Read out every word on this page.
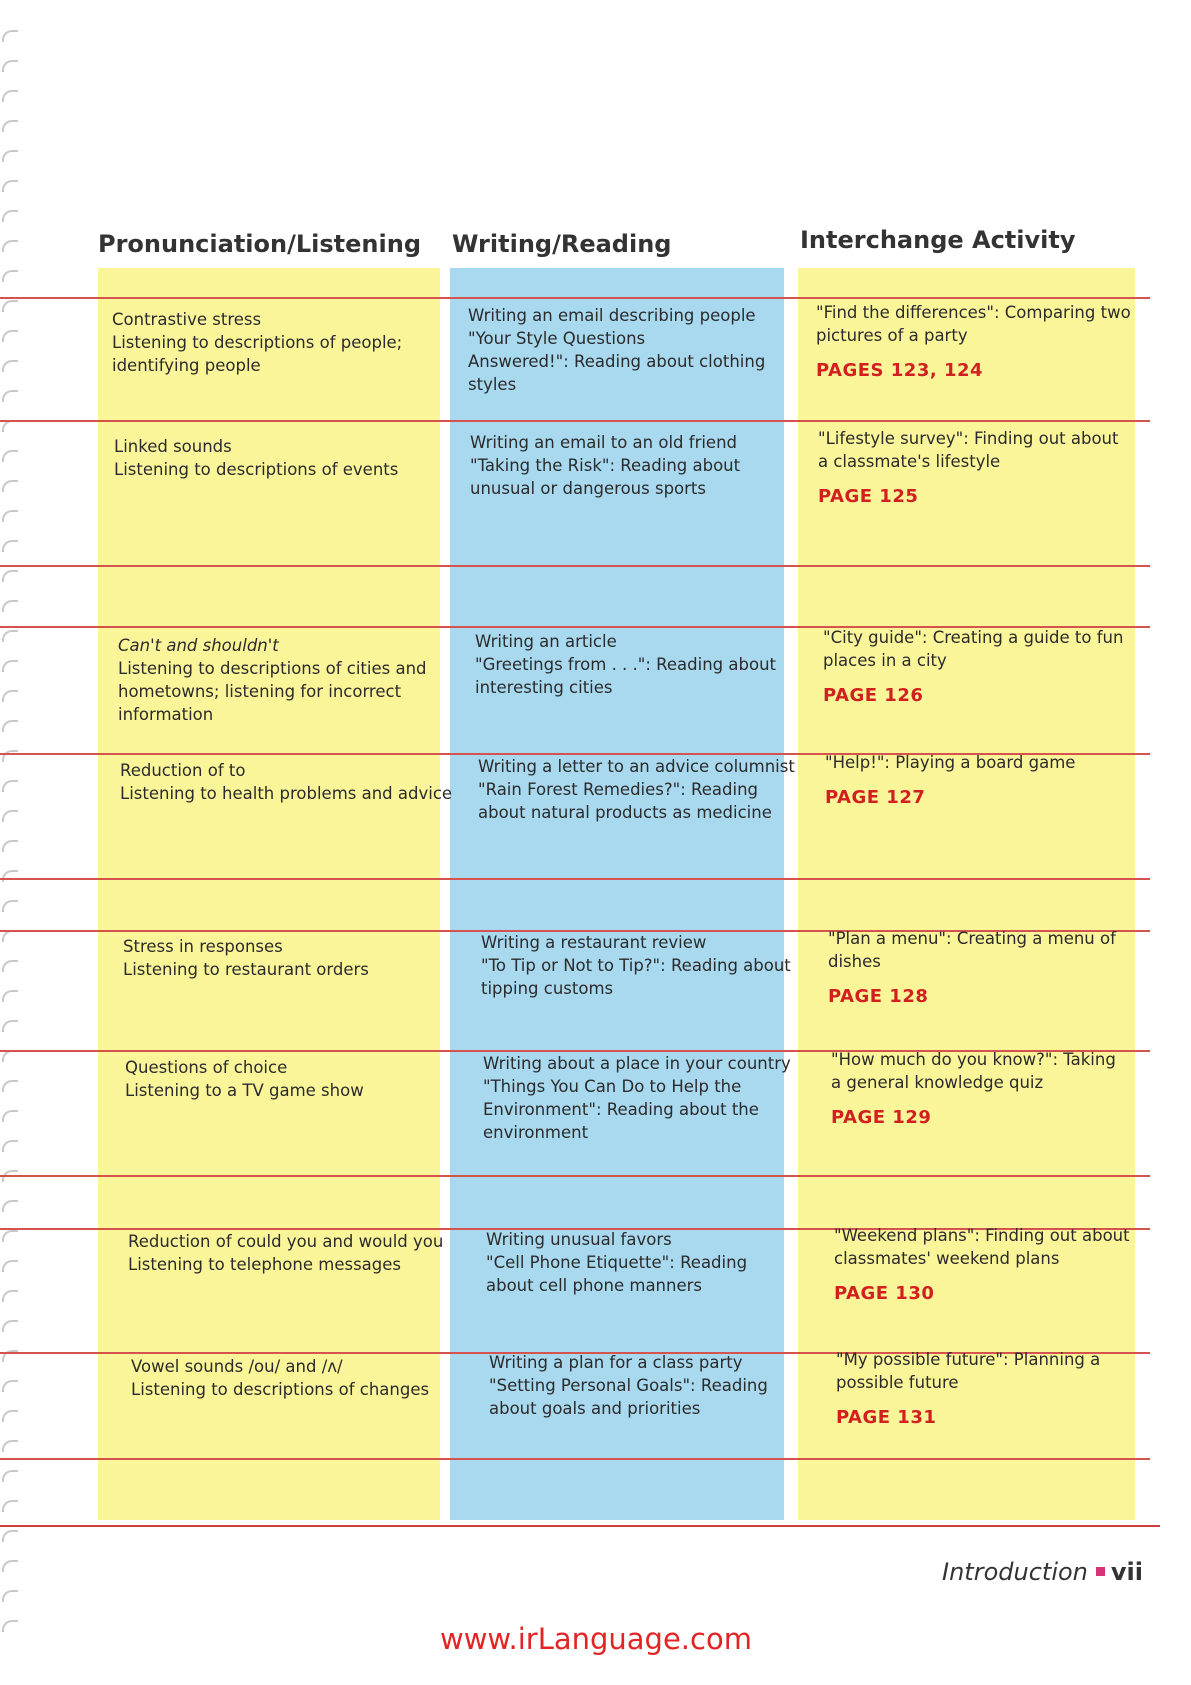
Pronunciation/Listening Writing/Reading	Interchange Activity
Contrastive stress
Listening to descriptions of people;
identifying people
Writing an email describing people
"Your Style Questions
Answered!": Reading about clothing
styles
"Find the differences": Comparing two
pictures of a party
PAGES 123, 124
Linked sounds
Listening to descriptions of events
Writing an email to an old friend
"Taking the Risk": Reading about
unusual or dangerous sports
"Lifestyle survey": Finding out about
a classmate's lifestyle
PAGE 125
Can't and shouldn't
Listening to descriptions of cities and
hometowns; listening for incorrect
information
Writing an article
"Greetings from . . .": Reading about
interesting cities
"City guide": Creating a guide to fun
places in a city
PAGE 126
Reduction of to
Listening to health problems and advice
Writing a letter to an advice columnist
"Rain Forest Remedies?": Reading
about natural products as medicine
"Help!": Playing a board game
PAGE 127
Stress in responses
Listening to restaurant orders
Writing a restaurant review
"To Tip or Not to Tip?": Reading about
tipping customs
"Plan a menu": Creating a menu of
dishes
PAGE 128
Questions of choice
Listening to a TV game show
Writing about a place in your country
"Things You Can Do to Help the
Environment": Reading about the
environment
"How much do you know?": Taking
a general knowledge quiz
PAGE 129
Reduction of could you and would you
Listening to telephone messages
Writing unusual favors
"Cell Phone Etiquette": Reading
about cell phone manners
"Weekend plans": Finding out about
classmates' weekend plans
PAGE 130
Vowel sounds /ou/ and /ʌ/
Listening to descriptions of changes
Writing a plan for a class party
"Setting Personal Goals": Reading
about goals and priorities
"My possible future": Planning a
possible future
PAGE 131
Introduction vii
www.irLanguage.com
